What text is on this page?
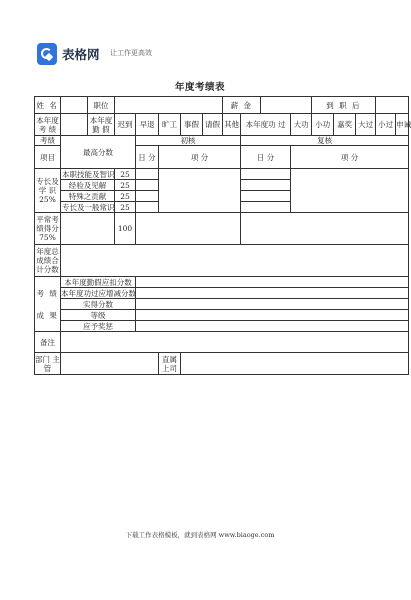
表格网 让工作更高效
年度考绩表
姓 名		职位						薪 金				到 职 后				
本年度考 绩		本年度勤 假	迟到	早退	旷工	事假	请假	其他	本年度功 过		大功	小功	嘉奖	大过	小过	申诫
考绩	最高分数			初核					复核							
项目				日 分	项 分				日 分		项 分					
专长及学 识 25%	本职技能及智识		25													
	经验及见解		25													
	特殊之贡献		25													
	专长及一般常识		25													
平常考绩得分 75%			100													
年度总成绩合计分数																
	本年度勤假应扣分数															
考 绩	本年度功过应增减分数															
	实得分数															
成 果	等级															
	应予奖惩															
备注																
部门 主管					直属 上司											
下载工作表格模板，就到表格网 www.biaoge.com
